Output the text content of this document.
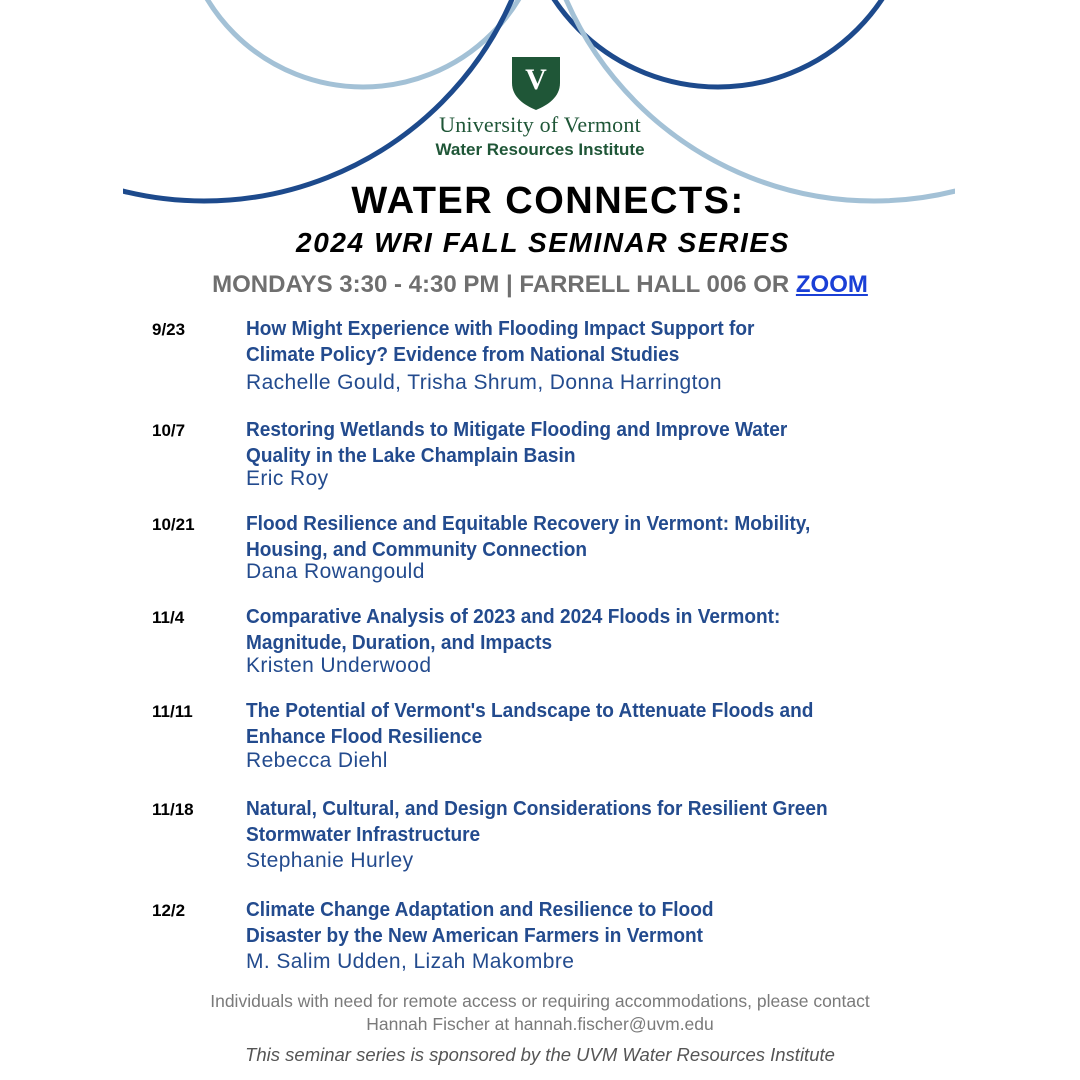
V
University of Vermont
Water Resources Institute
WATER CONNECTS:
2024 WRI FALL SEMINAR SERIES
MONDAYS 3:30 - 4:30 PM | FARRELL HALL 006 OR ZOOM
9/23	How Might Experience with Flooding Impact Support for
Climate Policy? Evidence from National Studies
Rachelle Gould, Trisha Shrum, Donna Harrington
10/7	Restoring Wetlands to Mitigate Flooding and Improve Water
Quality in the Lake Champlain Basin
Eric Roy
10/21	Flood Resilience and Equitable Recovery in Vermont: Mobility,
Housing, and Community Connection
Dana Rowangould
11/4	Comparative Analysis of 2023 and 2024 Floods in Vermont:
Magnitude, Duration, and Impacts
Kristen Underwood
11/11	The Potential of Vermont's Landscape to Attenuate Floods and
Enhance Flood Resilience
Rebecca Diehl
11/18	Natural, Cultural, and Design Considerations for Resilient Green
Stormwater Infrastructure
Stephanie Hurley
12/2	Climate Change Adaptation and Resilience to Flood
Disaster by the New American Farmers in Vermont
M. Salim Udden, Lizah Makombre
Individuals with need for remote access or requiring accommodations, please contact
Hannah Fischer at hannah.fischer@uvm.edu
This seminar series is sponsored by the UVM Water Resources Institute
